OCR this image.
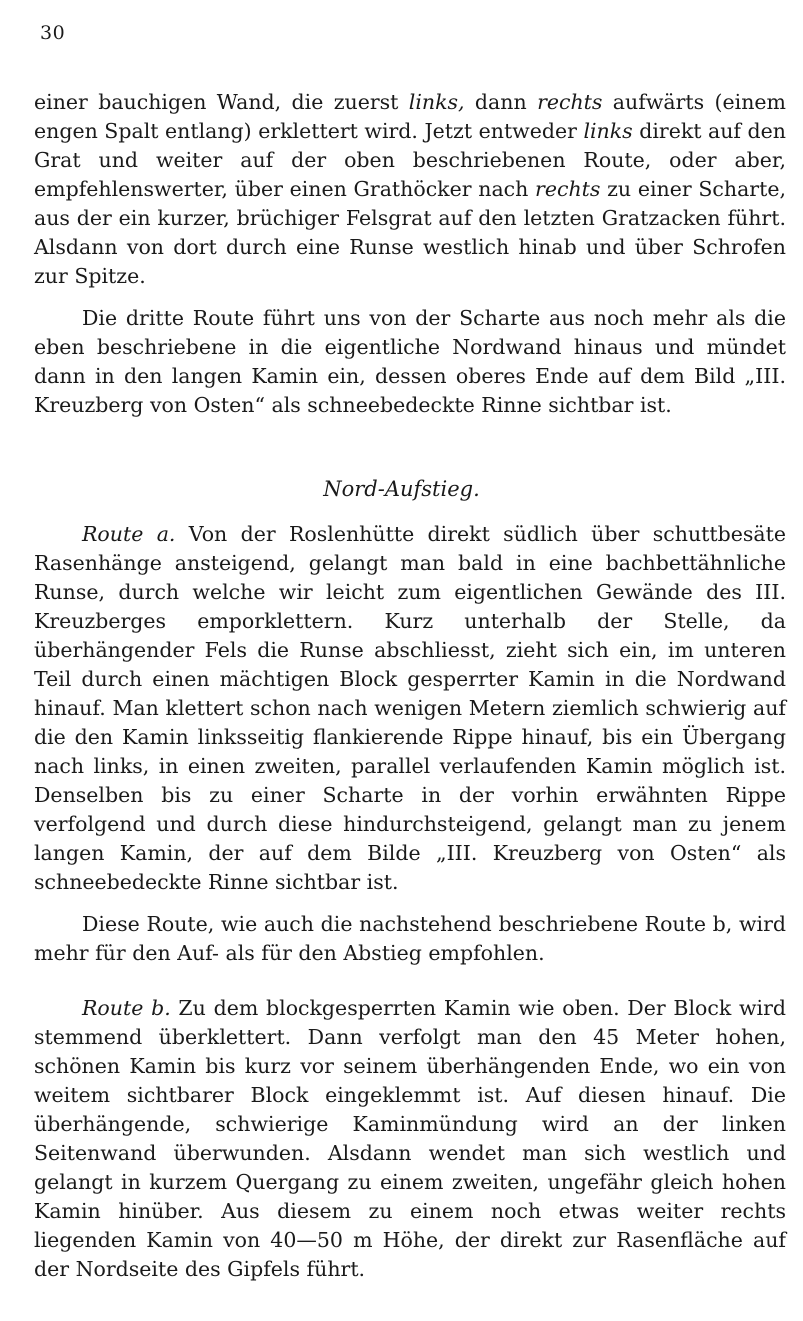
30

einer bauchigen Wand, die zuerst links, dann rechts aufwärts (einem engen Spalt entlang) erklettert wird. Jetzt entweder links direkt auf den Grat und weiter auf der oben beschriebenen Route, oder aber, empfehlenswerter, über einen Grathöcker nach rechts zu einer Scharte, aus der ein kurzer, brüchiger Felsgrat auf den letzten Gratzacken führt. Alsdann von dort durch eine Runse westlich hinab und über Schrofen zur Spitze.

Die dritte Route führt uns von der Scharte aus noch mehr als die eben beschriebene in die eigentliche Nordwand hinaus und mündet dann in den langen Kamin ein, dessen oberes Ende auf dem Bild „III. Kreuzberg von Osten“ als schneebedeckte Rinne sichtbar ist.

Nord-Aufstieg.

Route a. Von der Roslenhütte direkt südlich über schuttbesäte Rasenhänge ansteigend, gelangt man bald in eine bachbettähnliche Runse, durch welche wir leicht zum eigentlichen Gewände des III. Kreuzberges emporklettern. Kurz unterhalb der Stelle, da überhängender Fels die Runse abschliesst, zieht sich ein, im unteren Teil durch einen mächtigen Block gesperrter Kamin in die Nordwand hinauf. Man klettert schon nach wenigen Metern ziemlich schwierig auf die den Kamin linksseitig flankierende Rippe hinauf, bis ein Übergang nach links, in einen zweiten, parallel verlaufenden Kamin möglich ist. Denselben bis zu einer Scharte in der vorhin erwähnten Rippe verfolgend und durch diese hindurchsteigend, gelangt man zu jenem langen Kamin, der auf dem Bilde „III. Kreuzberg von Osten“ als schneebedeckte Rinne sichtbar ist.

Diese Route, wie auch die nachstehend beschriebene Route b, wird mehr für den Auf- als für den Abstieg empfohlen.

Route b. Zu dem blockgesperrten Kamin wie oben. Der Block wird stemmend überklettert. Dann verfolgt man den 45 Meter hohen, schönen Kamin bis kurz vor seinem überhängenden Ende, wo ein von weitem sichtbarer Block eingeklemmt ist. Auf diesen hinauf. Die überhängende, schwierige Kaminmündung wird an der linken Seitenwand überwunden. Alsdann wendet man sich westlich und gelangt in kurzem Quergang zu einem zweiten, ungefähr gleich hohen Kamin hinüber. Aus diesem zu einem noch etwas weiter rechts liegenden Kamin von 40—50 m Höhe, der direkt zur Rasenfläche auf der Nordseite des Gipfels führt.
